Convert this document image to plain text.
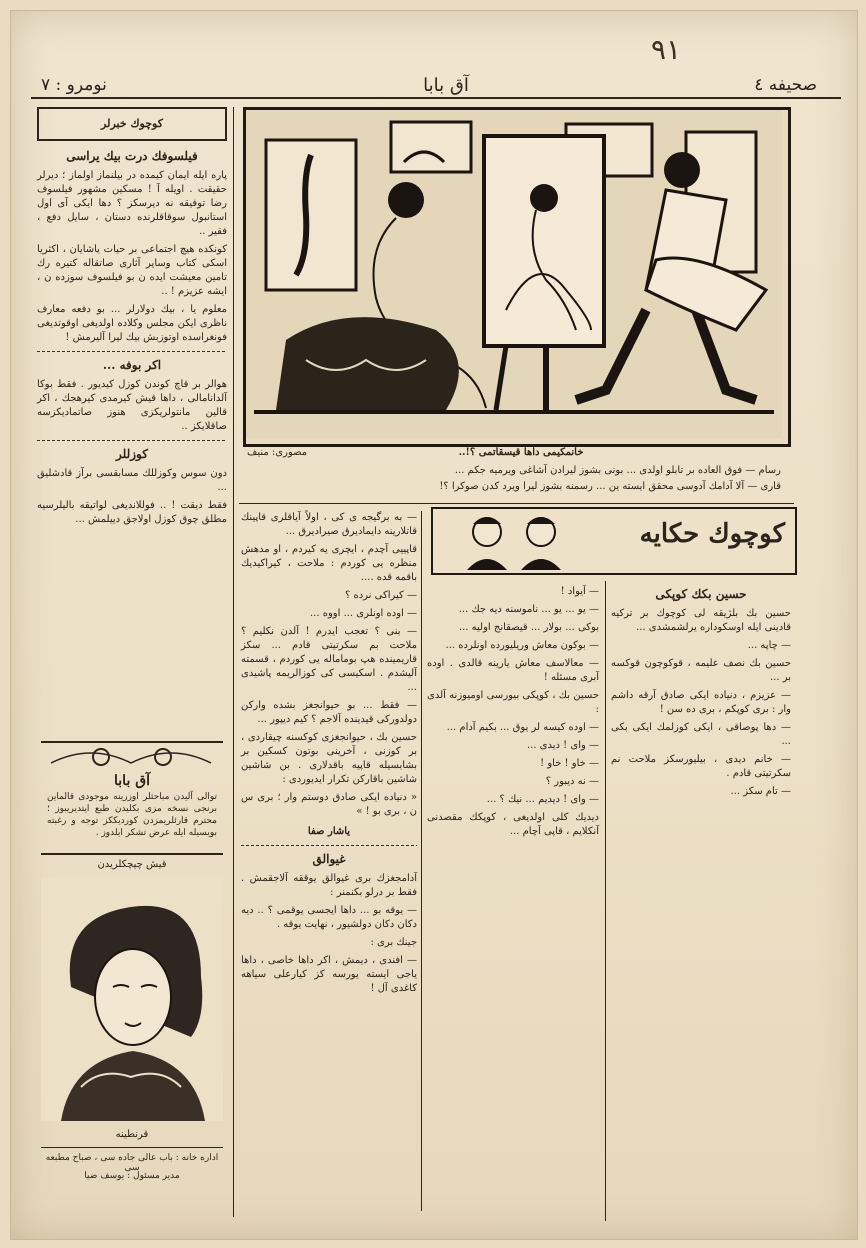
صحیفه ٤
آق بابا
نومرو : ٧
٩١
مصوری: منیف	خانمکیمی داها قیسقاتمی ؟!..
رسام — فوق العاده بر تابلو اولدی ... بونی بشوز لیرادن آشاغی ویرمیه جکم ...
قاری — آلا آدامك آدوسی محقق ایسته ین ... رسمنه بشوز لیرا ویرد كدن صوكرا ؟!
کوچوك خبرلر
فیلسوفك درت بیك یراسی

پاره ایله ایمان کیمده در بیلنماز اولماز ؛ دیرلر حقیقت . اویله آ ! مسکین مشهور فیلسوف رضا توفیقه نه دیرسکز ؟ دها ایکی آی اول استانبول سوقاقلرنده دستان ، سایل دفع ، فقیر ..

کونکده هیچ اجتماعی بر حیات یاشایان ، اکثریا اسکی کتاب وسایر آثاری صاتقاله کتیره رك تامین معیشت ایده ن بو فیلسوف سوزده ن ، ایشه عزیزم ! ..

معلوم یا ، بیك دولارلر ... بو دفعه معارف ناظری ایکن مجلس وکلاده اولدیغی اوقوتدیغی فونغراسده اوتوزبش بیك لیرا آلیرمش !

اکر بوفه ...

هوالر بر قاچ کوندن کوزل کیدیور . فقط بوکا آلدانامالی ، داها قیش کیرمدی کیرهجك ، اکر قالین مانتولریکزی هنوز صاتمادیکزسه صاقلایکز ..

کوزللر

دون سوس وکوزللك مسابقسی برآز قادشلیق ...

فقط دیقت ! .. فوللاندیغی لواتیقه بالیلرسیه مطلق چوق کوزل اولاجق دییلمش ...

آق بابا
توالی آلیدن مباحثلر اوزرینه موجودی قالماین برنجی نسخه مزی بکلیدن طبع ایتدیریبوز ؛ محترم قارئلریمزدن کوردیککز توجه و رغبته بویسیله ایله عرض تشکر ایلدوز .
قیش چیچکلریدن
قرنطینه
اداره خانه : باب عالی جاده سی ، صباح مطبعه سی
مدیر مسئول : یوسف ضیا

— به برگیجه ی کی ، اولاً آیاقلری قاپینك قاتلارینه دایمادیرق صیرادیرق ...

قاپییی آچدم ، ایچری یه کیردم ، او مدهش منظره یی کوردم : ملاحت ، کیراکیدیك باقمه قده ....

— کیراکی نرده ؟

— اوده اونلری ... اووه ...

— بنی ؟ تعجب ایدرم ! آلدن نکلیم ؟ ملاحت بم سکرتیتی قادم ... سکز قاریمینده هپ بوماماله یی کوردم ، قسمته آلیشدم . اسکیسی کی کوزالریمه پاشیدی ...

— فقط ... بو حیوانجغز بشده واركن دولدوركی قیدینده آلاجم ؟ كیم دیپور ...

حسین بك ، حیوانجغزی کوکسنه چیقاردی ، بر کوزنی ، آخرینی بوتون کسکین بر بشابسیله قاپیه باقدلاری . بن شاشین شاشین باقارکن تکرار ایدیوردی :

« دنیاده ایکی صادق دوستم وار ؛ بری س ن ، بری بو ! »

یاشار صفا
غیوالق

آدامجغزك بری غیوالق یوققه آلاجقمش . فقط بر درلو بکنمنر :

— یوقه بو ... داها ایجسی یوقمی ؟ .. دیه دکان دکان دولشیور ، نهایت یوقه .

جینك بری :

— افندی ، دیمش ، اکر داها خاصی ، داها یاجی ایسته یورسه کز کیارعلی سیاهه کاغدی آل !

کوچوك حكایه
حسین بکك کوپکی

حسین بك بلژیقه لی کوچوك بر ترکیه قادینی ایله اوسکوداره یرلشمشدی ...

— چاپه ...

حسین بك نصف علیمه ، قوکوچون قوکسه بر ...

— عزیزم ، دنیاده ایکی صادق آرقه داشم وار : بری کوپکم ، بری ده سن !

— دها پوصاقی ، ایکی کوزلمك ایکی بکی ...

— خانم دیدی ، بیلیورسکز ملاحت نم سکرتیتی قادم .

— تام سکز ...

— آیواد !

— یو ... یو ... ناموسنه دیه جك ...

بوکی ... بولار ... قیصقانج اولیه ...

— بوکون معاش وریلیورده اونلرده ...

— معالاسف معاش یارینه قالدی . اوده آبری مسئله !

حسین بك ، کوپکی بیورسی اومیوزنه آلدی :

— اوده کیسه لر یوق ... بکیم آدام ...

— وای ! دیدی ...

— خاو ! خاو !

— نه دیبور ؟

— وای ! دیدیم ... نیك ؟ ...

دیدیك کلی اولدیغی ، کوپکك مقصدنی آنكلایم ، قاپی آچام ...
